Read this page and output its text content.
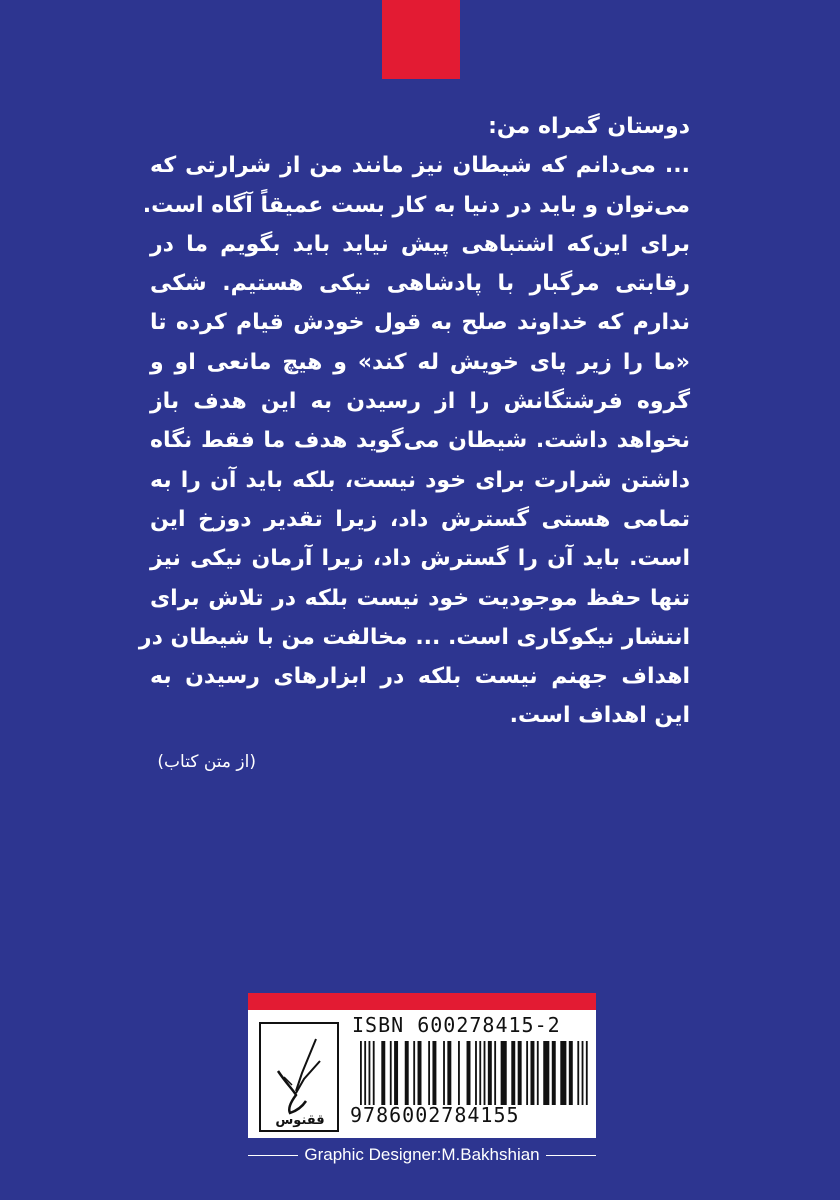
دوستان گمراه من:
... می‌دانم که شیطان نیز مانند من از شرارتی که
می‌توان و باید در دنیا به کار بست عمیقاً آگاه است.
برای این‌که اشتباهی پیش نیاید باید بگویم ما در
رقابتی مرگبار با پادشاهی نیکی هستیم. شکی
ندارم که خداوند صلح به قول خودش قیام کرده تا
«ما را زیر پای خویش له کند» و هیچ مانعی او و
گروه فرشتگانش را از رسیدن به این هدف باز
نخواهد داشت. شیطان می‌گوید هدف ما فقط نگاه
داشتن شرارت برای خود نیست، بلکه باید آن را به
تمامی هستی گسترش داد، زیرا تقدیر دوزخ این
است. باید آن را گسترش داد، زیرا آرمان نیکی نیز
تنها حفظ موجودیت خود نیست بلکه در تلاش برای
انتشار نیکوکاری است. ... مخالفت من با شیطان در
اهداف جهنم نیست بلکه در ابزارهای رسیدن به
این اهداف است.
(از متن کتاب)
ققنوس
ISBN 600278415-2
9786002784155
Graphic Designer:M.Bakhshian
